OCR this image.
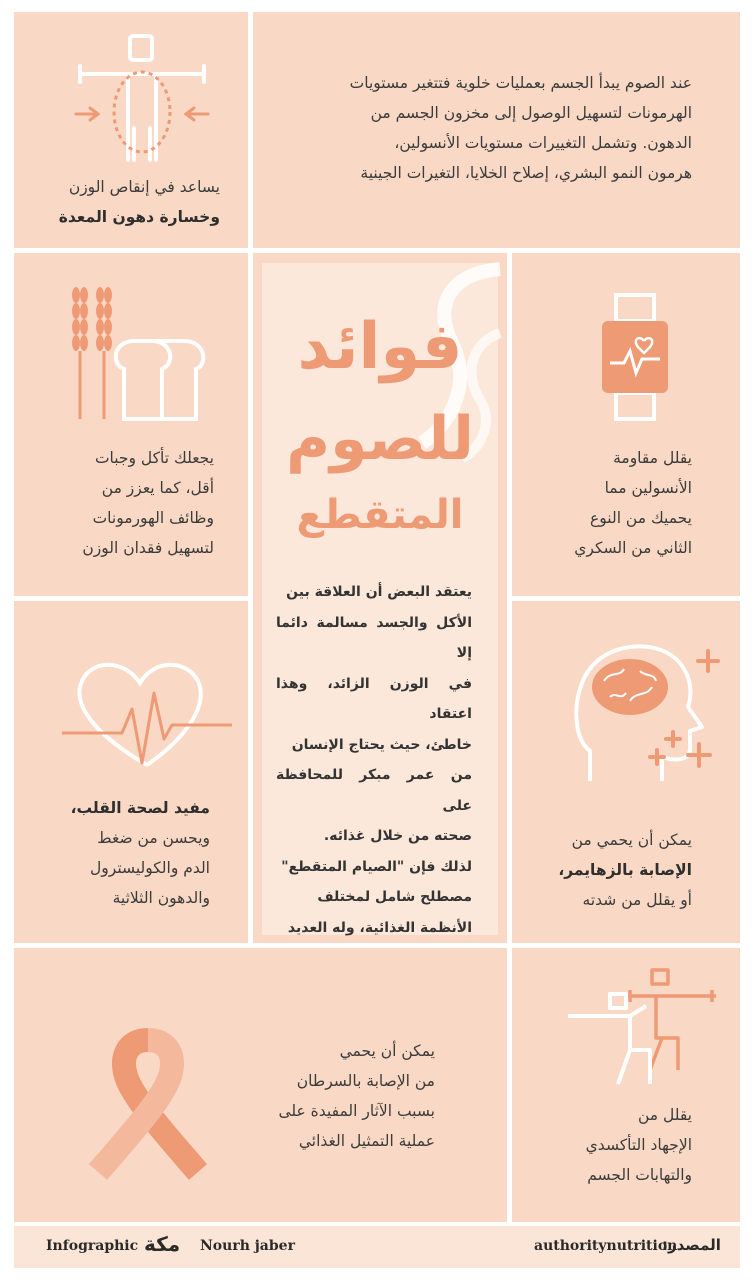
يساعد في إنقاص الوزن
وخسارة دهون المعدة
عند الصوم يبدأ الجسم بعمليات خلوية فتتغير مستويات
الهرمونات لتسهيل الوصول إلى مخزون الجسم من
الدهون. وتشمل التغييرات مستويات الأنسولين،
هرمون النمو البشري، إصلاح الخلايا، التغيرات الجينية
يجعلك تأكل وجبات
أقل، كما يعزز من
وظائف الهورمونات
لتسهيل فقدان الوزن
مفيد لصحة القلب،
ويحسن من ضغط
الدم والكوليسترول
والدهون الثلاثية
فوائد
للصوم
المتقطع
يعتقد البعض أن العلاقة بين
الأكل والجسد مسالمة دائما إلا
في الوزن الزائد، وهذا اعتقاد
خاطئ، حيث يحتاج الإنسان
من عمر مبكر للمحافظة على
صحته من خلال غذائه.
لذلك فإن "الصيام المتقطع"
مصطلح شامل لمختلف
الأنظمة الغذائية، وله العديد
يقلل مقاومة
الأنسولين مما
يحميك من النوع
الثاني من السكري
يمكن أن يحمي من
الإصابة بالزهايمر،
أو يقلل من شدته
يمكن أن يحمي
من الإصابة بالسرطان
بسبب الآثار المفيدة على
عملية التمثيل الغذائي
يقلل من
الإجهاد التأكسدي
والتهابات الجسم
Infographic مكة Nourh jaber	authoritynutrition
المصدر:
